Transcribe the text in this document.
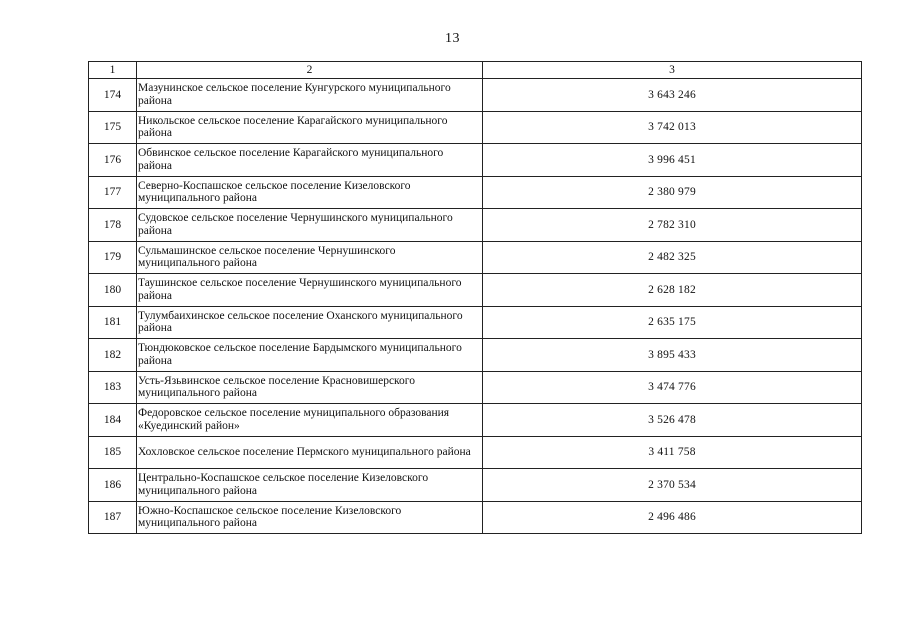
13
1	2	3
174	Мазунинское сельское поселение Кунгурского муниципального района	3 643 246
175	Никольское сельское поселение Карагайского муниципального района	3 742 013
176	Обвинское сельское поселение Карагайского муниципального района	3 996 451
177	Северно-Коспашское сельское поселение Кизеловского муниципального района	2 380 979
178	Судовское сельское поселение Чернушинского муниципального района	2 782 310
179	Сульмашинское сельское поселение Чернушинского муниципального района	2 482 325
180	Таушинское сельское поселение Чернушинского муниципального района	2 628 182
181	Тулумбаихинское сельское поселение Оханского муниципального района	2 635 175
182	Тюндюковское сельское поселение Бардымского муниципального района	3 895 433
183	Усть-Язьвинское сельское поселение Красновишерского муниципального района	3 474 776
184	Федоровское сельское поселение муниципального образования «Куединский район»	3 526 478
185	Хохловское сельское поселение Пермского муниципального района	3 411 758
186	Центрально-Коспашское сельское поселение Кизеловского муниципального района	2 370 534
187	Южно-Коспашское сельское поселение Кизеловского муниципального района	2 496 486
